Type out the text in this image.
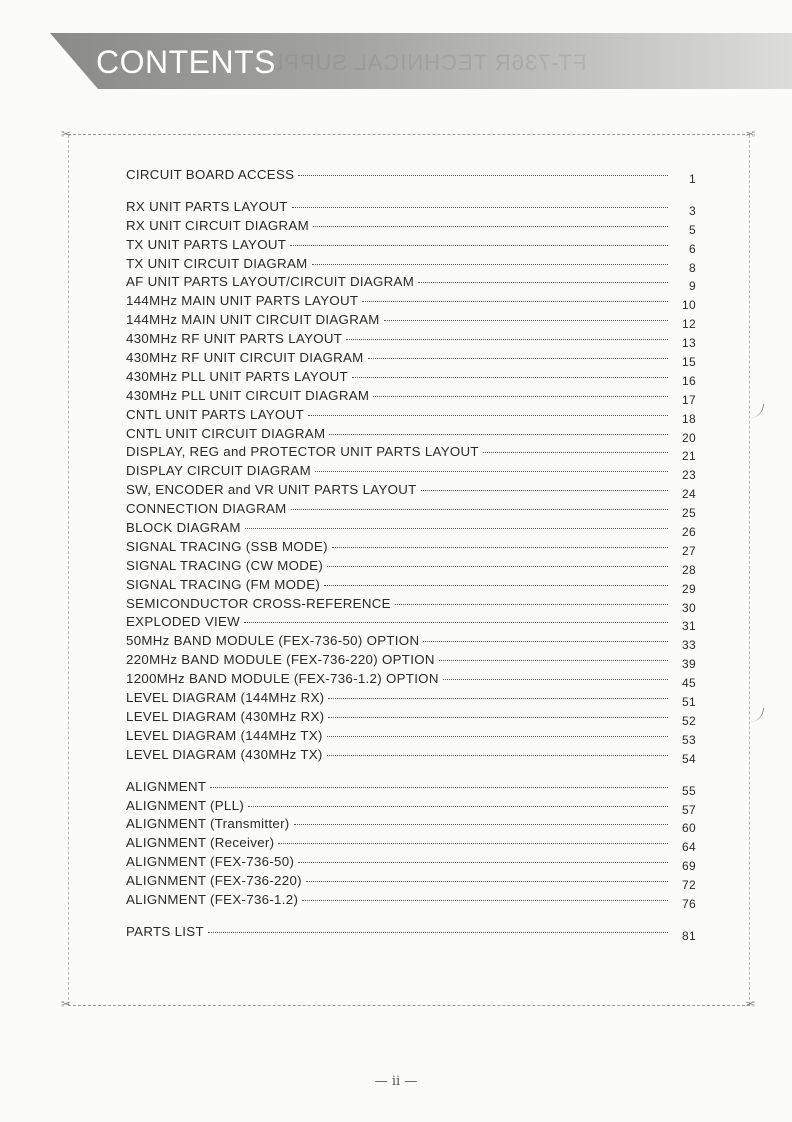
FT-736R TECHNICAL SUPPL
CONTENTS
✂	✂
✂	✂
CIRCUIT BOARD ACCESS	1
RX UNIT PARTS LAYOUT	3
RX UNIT CIRCUIT DIAGRAM	5
TX UNIT PARTS LAYOUT	6
TX UNIT CIRCUIT DIAGRAM	8
AF UNIT PARTS LAYOUT/CIRCUIT DIAGRAM	9
144MHz MAIN UNIT PARTS LAYOUT	10
144MHz MAIN UNIT CIRCUIT DIAGRAM	12
430MHz RF UNIT PARTS LAYOUT	13
430MHz RF UNIT CIRCUIT DIAGRAM	15
430MHz PLL UNIT PARTS LAYOUT	16
430MHz PLL UNIT CIRCUIT DIAGRAM	17
CNTL UNIT PARTS LAYOUT	18
CNTL UNIT CIRCUIT DIAGRAM	20
DISPLAY, REG and PROTECTOR UNIT PARTS LAYOUT	21
DISPLAY CIRCUIT DIAGRAM	23
SW, ENCODER and VR UNIT PARTS LAYOUT	24
CONNECTION DIAGRAM	25
BLOCK DIAGRAM	26
SIGNAL TRACING (SSB MODE)	27
SIGNAL TRACING (CW MODE)	28
SIGNAL TRACING (FM MODE)	29
SEMICONDUCTOR CROSS-REFERENCE	30
EXPLODED VIEW	31
50MHz BAND MODULE (FEX-736-50) OPTION	33
220MHz BAND MODULE (FEX-736-220) OPTION	39
1200MHz BAND MODULE (FEX-736-1.2) OPTION	45
LEVEL DIAGRAM (144MHz RX)	51
LEVEL DIAGRAM (430MHz RX)	52
LEVEL DIAGRAM (144MHz TX)	53
LEVEL DIAGRAM (430MHz TX)	54
ALIGNMENT	55
ALIGNMENT (PLL)	57
ALIGNMENT (Transmitter)	60
ALIGNMENT (Receiver)	64
ALIGNMENT (FEX-736-50)	69
ALIGNMENT (FEX-736-220)	72
ALIGNMENT (FEX-736-1.2)	76
PARTS LIST	81
— ii —
